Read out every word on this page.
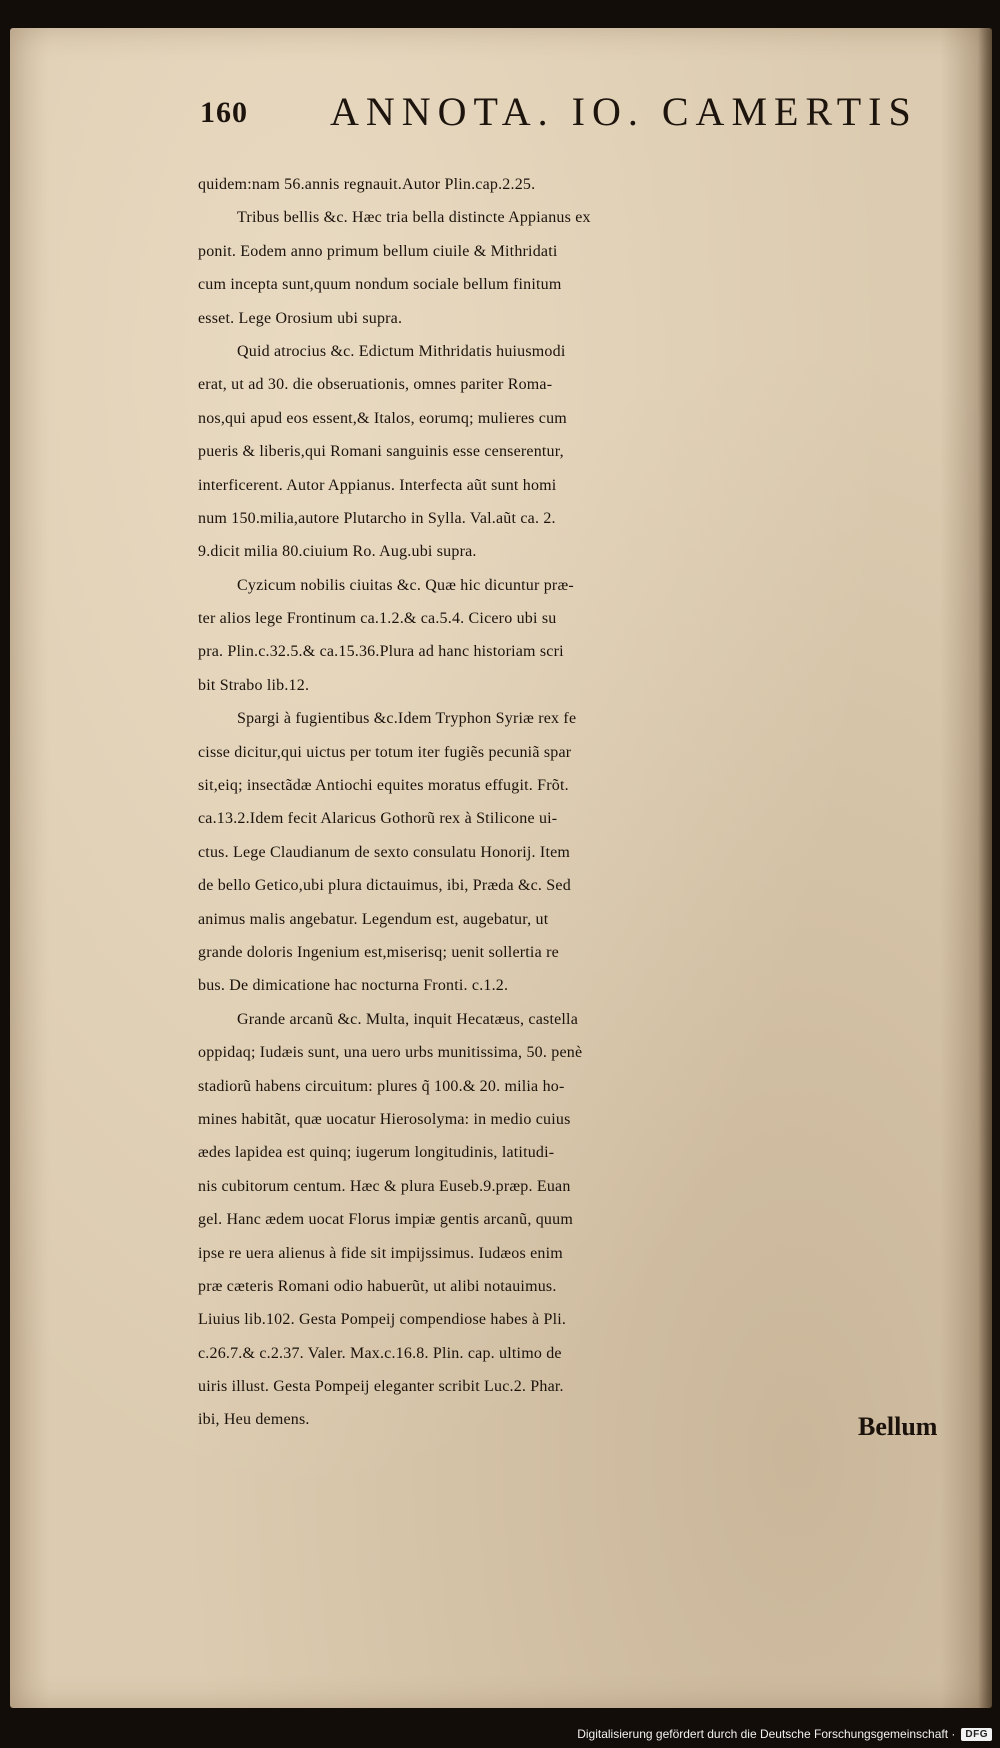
160 ANNOTA. IO. CAMERTIS
quidem:nam 56.annis regnauit.Autor Plin.cap.2.25.
Tribus bellis &c. Hæc tria bella distincte Appianus ex
ponit. Eodem anno primum bellum ciuile & Mithridati
cum incepta sunt,quum nondum sociale bellum finitum
esset. Lege Orosium ubi supra.
Quid atrocius &c. Edictum Mithridatis huiusmodi
erat, ut ad 30. die obseruationis, omnes pariter Roma-
nos,qui apud eos essent,& Italos, eorumq; mulieres cum
pueris & liberis,qui Romani sanguinis esse censerentur,
interficerent. Autor Appianus. Interfecta aũt sunt homi
num 150.milia,autore Plutarcho in Sylla. Val.aũt ca. 2.
9.dicit milia 80.ciuium Ro. Aug.ubi supra.
Cyzicum nobilis ciuitas &c. Quæ hic dicuntur præ-
ter alios lege Frontinum ca.1.2.& ca.5.4. Cicero ubi su
pra. Plin.c.32.5.& ca.15.36.Plura ad hanc historiam scri
bit Strabo lib.12.
Spargi à fugientibus &c.Idem Tryphon Syriæ rex fe
cisse dicitur,qui uictus per totum iter fugiẽs pecuniã spar
sit,eiq; insectãdæ Antiochi equites moratus effugit. Frõt.
ca.13.2.Idem fecit Alaricus Gothorũ rex à Stilicone ui-
ctus. Lege Claudianum de sexto consulatu Honorij. Item
de bello Getico,ubi plura dictauimus, ibi, Præda &c. Sed
animus malis angebatur. Legendum est, augebatur, ut
grande doloris Ingenium est,miserisq; uenit sollertia re
bus. De dimicatione hac nocturna Fronti. c.1.2.
Grande arcanũ &c. Multa, inquit Hecatæus, castella
oppidaq; Iudæis sunt, una uero urbs munitissima, 50. penè
stadiorũ habens circuitum: plures q̃ 100.& 20. milia ho-
mines habitãt, quæ uocatur Hierosolyma: in medio cuius
ædes lapidea est quinq; iugerum longitudinis, latitudi-
nis cubitorum centum. Hæc & plura Euseb.9.præp. Euan
gel. Hanc ædem uocat Florus impiæ gentis arcanũ, quum
ipse re uera alienus à fide sit impijssimus. Iudæos enim
præ cæteris Romani odio habuerũt, ut alibi notauimus.
Liuius lib.102. Gesta Pompeij compendiose habes à Pli.
c.26.7.& c.2.37. Valer. Max.c.16.8. Plin. cap. ultimo de
uiris illust. Gesta Pompeij eleganter scribit Luc.2. Phar.
ibi, Heu demens.	Bellum
Digitalisierung gefördert durch die Deutsche Forschungsgemeinschaft ·	DFG
